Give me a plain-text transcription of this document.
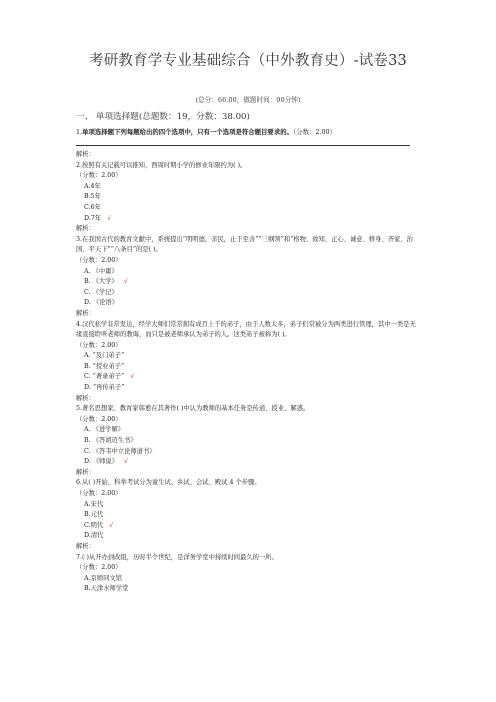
考研教育学专业基础综合（中外教育史）-试卷33
(总分：66.00，做题时间：90分钟)
一、 单项选择题(总题数：19，分数：38.00)
1.单项选择题下列每题给出的四个选项中，只有一个选项是符合题目要求的。（分数：2.00）
解析：
2.按照有关记载可以推知，西周时期小学的修业年限约为( )。
（分数：2.00）
A.4年
B.5年
C.6年
D.7年 √
解析：
3.在我国古代的教育文献中，系统提出“明明德，亲民，止于至善”“三纲领”和“格物、致知、正心、诚意、修身、齐家、治国、平天下”“八条目”的是( )。
（分数：2.00）
A. 《中庸》
B. 《大学》 √
C. 《学记》
D. 《论语》
解析：
4.汉代私学非常发达，经学大师们常常拥有成百上千的弟子，由于人数太多，弟子们常被分为两类进行管理，其中一类是无缘直接聆听老师的教诲，而只是被老师承认为弟子的人。这类弟子被称为( )。
（分数：2.00）
A. “及门弟子”
B. “授业弟子”
C. “著录弟子” √
D. “再传弟子”
解析：
5.著名思想家、教育家韩愈在其著作( )中认为教师的基本任务是传道、授业、解惑。
（分数：2.00）
A. 《进学解》
B. 《答胡迈生书》
C. 《答韦中立论师道书》
D. 《师说》 √
解析：
6.从( )开始，科举考试分为童生试、乡试、会试、殿试 4 个步骤。
（分数：2.00）
A.宋代
B.元代
C.明代 √
D.清代
解析：
7.( )从开办到改组，历时半个世纪，是洋务学堂中持续时间最久的一所。
（分数：2.00）
A.京师同文馆
B.天津水师学堂
